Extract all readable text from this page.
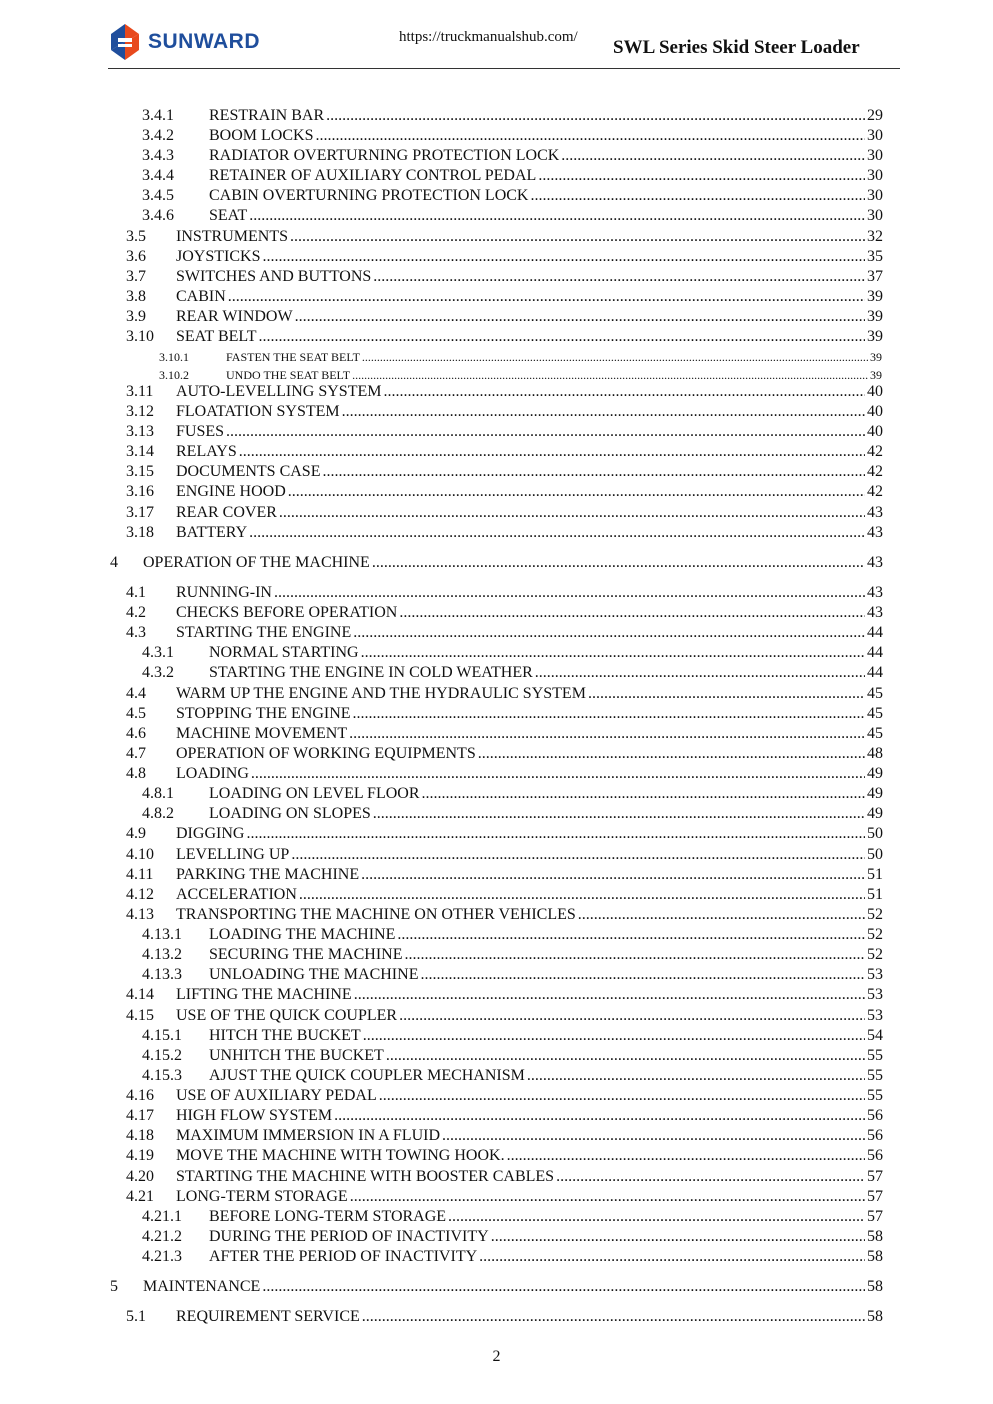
SUNWARD	https://truckmanualshub.com/ SWL Series Skid Steer Loader
3.4.1 RESTRAIN BAR .....	29
3.4.2 BOOM LOCKS .....	30
3.4.3 RADIATOR OVERTURNING PROTECTION LOCK .....	30
3.4.4 RETAINER OF AUXILIARY CONTROL PEDAL .....	30
3.4.5 CABIN OVERTURNING PROTECTION LOCK .....	30
3.4.6 SEAT .....	30
3.5 INSTRUMENTS .....	32
3.6 JOYSTICKS .....	35
3.7 SWITCHES AND BUTTONS .....	37
3.8 CABIN .....	39
3.9 REAR WINDOW .....	39
3.10 SEAT BELT .....	39
3.10.1	FASTEN THE SEAT BELT .....	39
3.10.2	UNDO THE SEAT BELT .....	39
3.11 AUTO-LEVELLING SYSTEM .....	40
3.12 FLOATATION SYSTEM .....	40
3.13 FUSES .....	40
3.14 RELAYS .....	42
3.15 DOCUMENTS CASE .....	42
3.16 ENGINE HOOD .....	42
3.17 REAR COVER .....	43
3.18 BATTERY .....	43
4 OPERATION OF THE MACHINE .....	43
4.1 RUNNING-IN .....	43
4.2 CHECKS BEFORE OPERATION .....	43
4.3 STARTING THE ENGINE .....	44
4.3.1 NORMAL STARTING .....	44
4.3.2 STARTING THE ENGINE IN COLD WEATHER .....	44
4.4 WARM UP THE ENGINE AND THE HYDRAULIC SYSTEM .....	45
4.5 STOPPING THE ENGINE .....	45
4.6 MACHINE MOVEMENT .....	45
4.7 OPERATION OF WORKING EQUIPMENTS .....	48
4.8 LOADING .....	49
4.8.1 LOADING ON LEVEL FLOOR .....	49
4.8.2 LOADING ON SLOPES .....	49
4.9 DIGGING .....	50
4.10 LEVELLING UP .....	50
4.11 PARKING THE MACHINE .....	51
4.12 ACCELERATION .....	51
4.13 TRANSPORTING THE MACHINE ON OTHER VEHICLES .....	52
4.13.1 LOADING THE MACHINE .....	52
4.13.2 SECURING THE MACHINE .....	52
4.13.3 UNLOADING THE MACHINE .....	53
4.14 LIFTING THE MACHINE .....	53
4.15 USE OF THE QUICK COUPLER .....	53
4.15.1 HITCH THE BUCKET .....	54
4.15.2 UNHITCH THE BUCKET .....	55
4.15.3 AJUST THE QUICK COUPLER MECHANISM .....	55
4.16 USE OF AUXILIARY PEDAL .....	55
4.17 HIGH FLOW SYSTEM .....	56
4.18 MAXIMUM IMMERSION IN A FLUID .....	56
4.19 MOVE THE MACHINE WITH TOWING HOOK. .....	56
4.20 STARTING THE MACHINE WITH BOOSTER CABLES .....	57
4.21 LONG-TERM STORAGE .....	57
4.21.1 BEFORE LONG-TERM STORAGE .....	57
4.21.2 DURING THE PERIOD OF INACTIVITY .....	58
4.21.3 AFTER THE PERIOD OF INACTIVITY .....	58
5 MAINTENANCE .....	58
5.1 REQUIREMENT SERVICE .....	58
2
